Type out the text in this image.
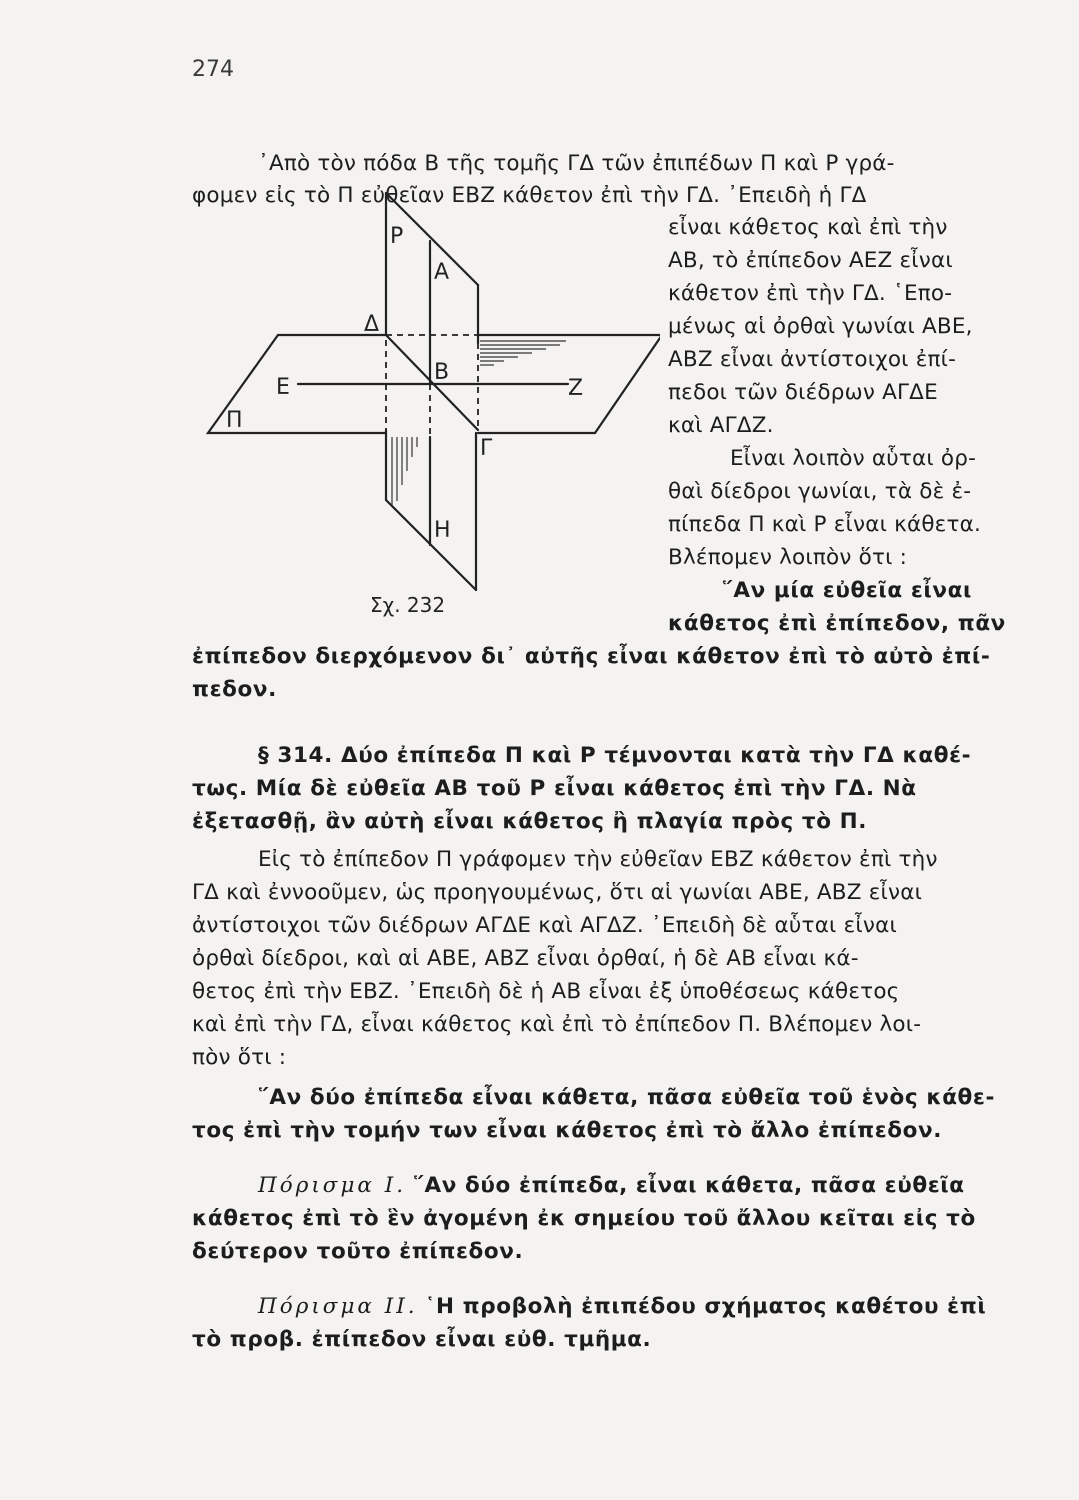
274
᾿Απὸ τὸν πόδα Β τῆς τομῆς ΓΔ τῶν ἐπιπέδων Π καὶ Ρ γρά-
φομεν εἰς τὸ Π εὐθεῖαν ΕΒΖ κάθετον ἐπὶ τὴν ΓΔ. ᾿Επειδὴ ἡ ΓΔ
εἶναι κάθετος καὶ ἐπὶ τὴν
ΑΒ, τὸ ἐπίπεδον ΑΕΖ εἶναι
κάθετον ἐπὶ τὴν ΓΔ. ῾Επο-
μένως αἱ ὀρθαὶ γωνίαι ΑΒΕ,
ΑΒΖ εἶναι ἀντίστοιχοι ἐπί-
πεδοι τῶν διέδρων ΑΓΔΕ
καὶ ΑΓΔΖ.
Εἶναι λοιπὸν αὗται ὀρ-
θαὶ δίεδροι γωνίαι, τὰ δὲ ἐ-
πίπεδα Π καὶ Ρ εἶναι κάθετα.
Βλέπομεν λοιπὸν ὅτι :
῞Αν μία εὐθεῖα εἶναι
κάθετος ἐπὶ ἐπίπεδον, πᾶν
ἐπίπεδον διερχόμενον δι᾿ αὐτῆς εἶναι κάθετον ἐπὶ τὸ αὐτὸ ἐπί-
πεδον.
§ 314. Δύο ἐπίπεδα Π καὶ Ρ τέμνονται κατὰ τὴν ΓΔ καθέ-
τως. Μία δὲ εὐθεῖα ΑΒ τοῦ Ρ εἶναι κάθετος ἐπὶ τὴν ΓΔ. Νὰ
ἐξετασθῇ, ἂν αὐτὴ εἶναι κάθετος ἢ πλαγία πρὸς τὸ Π.
Εἰς τὸ ἐπίπεδον Π γράφομεν τὴν εὐθεῖαν ΕΒΖ κάθετον ἐπὶ τὴν
ΓΔ καὶ ἐννοοῦμεν, ὡς προηγουμένως, ὅτι αἱ γωνίαι ΑΒΕ, ΑΒΖ εἶναι
ἀντίστοιχοι τῶν διέδρων ΑΓΔΕ καὶ ΑΓΔΖ. ᾿Επειδὴ δὲ αὗται εἶναι
ὀρθαὶ δίεδροι, καὶ αἱ ΑΒΕ, ΑΒΖ εἶναι ὀρθαί, ἡ δὲ ΑΒ εἶναι κά-
θετος ἐπὶ τὴν ΕΒΖ. ᾿Επειδὴ δὲ ἡ ΑΒ εἶναι ἐξ ὑποθέσεως κάθετος
καὶ ἐπὶ τὴν ΓΔ, εἶναι κάθετος καὶ ἐπὶ τὸ ἐπίπεδον Π. Βλέπομεν λοι-
πὸν ὅτι :
῞Αν δύο ἐπίπεδα εἶναι κάθετα, πᾶσα εὐθεῖα τοῦ ἑνὸς κάθε-
τος ἐπὶ τὴν τομήν των εἶναι κάθετος ἐπὶ τὸ ἄλλο ἐπίπεδον.
Πόρισμα Ι. ῞Αν δύο ἐπίπεδα, εἶναι κάθετα, πᾶσα εὐθεῖα
κάθετος ἐπὶ τὸ ἓν ἀγομένη ἐκ σημείου τοῦ ἄλλου κεῖται εἰς τὸ
δεύτερον τοῦτο ἐπίπεδον.
Πόρισμα ΙΙ. ῾Η προβολὴ ἐπιπέδου σχήματος καθέτου ἐπὶ
τὸ προβ. ἐπίπεδον εἶναι εὐθ. τμῆμα.
Ρ
Α
Δ
Ε
Β
Ζ
Π
Γ
Η
Σχ. 232
